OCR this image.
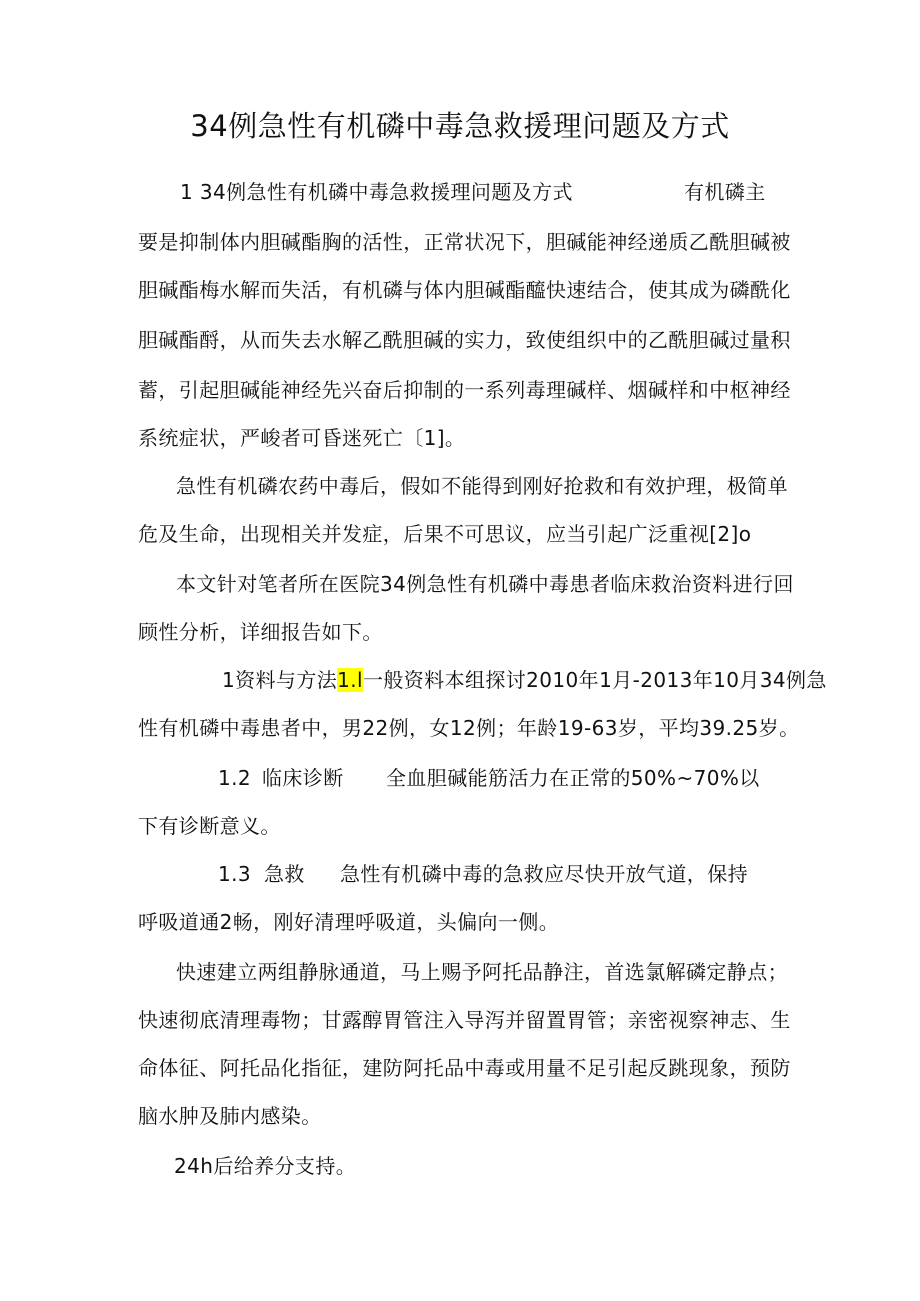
34例急性有机磷中毒急救援理问题及方式
1 34例急性有机磷中毒急救援理问题及方式	有机磷主
要是抑制体内胆碱酯胸的活性，正常状况下，胆碱能神经递质乙酰胆碱被
胆碱酯梅水解而失活，有机磷与体内胆碱酯醯快速结合，使其成为磷酰化
胆碱酯酹，从而失去水解乙酰胆碱的实力，致使组织中的乙酰胆碱过量积
蓄，引起胆碱能神经先兴奋后抑制的一系列毒理碱样、烟碱样和中枢神经
系统症状，严峻者可昏迷死亡〔1]。
急性有机磷农药中毒后，假如不能得到刚好抢救和有效护理，极简单
危及生命，出现相关并发症，后果不可思议，应当引起广泛重视[2]o
本文针对笔者所在医院34例急性有机磷中毒患者临床救治资料进行回
顾性分析，详细报告如下。
1资料与方法1.l一般资料本组探讨2010年1月-2013年10月34例急
性有机磷中毒患者中，男22例，女12例；年龄19-63岁，平均39.25岁。
1.2 临床诊断 全血胆碱能筋活力在正常的50%~70%以
下有诊断意义。
1.3 急救 急性有机磷中毒的急救应尽快开放气道，保持
呼吸道通2畅，刚好清理呼吸道，头偏向一侧。
快速建立两组静脉通道，马上赐予阿托品静注，首选氯解磷定静点；
快速彻底清理毒物；甘露醇胃管注入导泻并留置胃管；亲密视察神志、生
命体征、阿托品化指征，建防阿托品中毒或用量不足引起反跳现象，预防
脑水肿及肺内感染。
24h后给养分支持。
